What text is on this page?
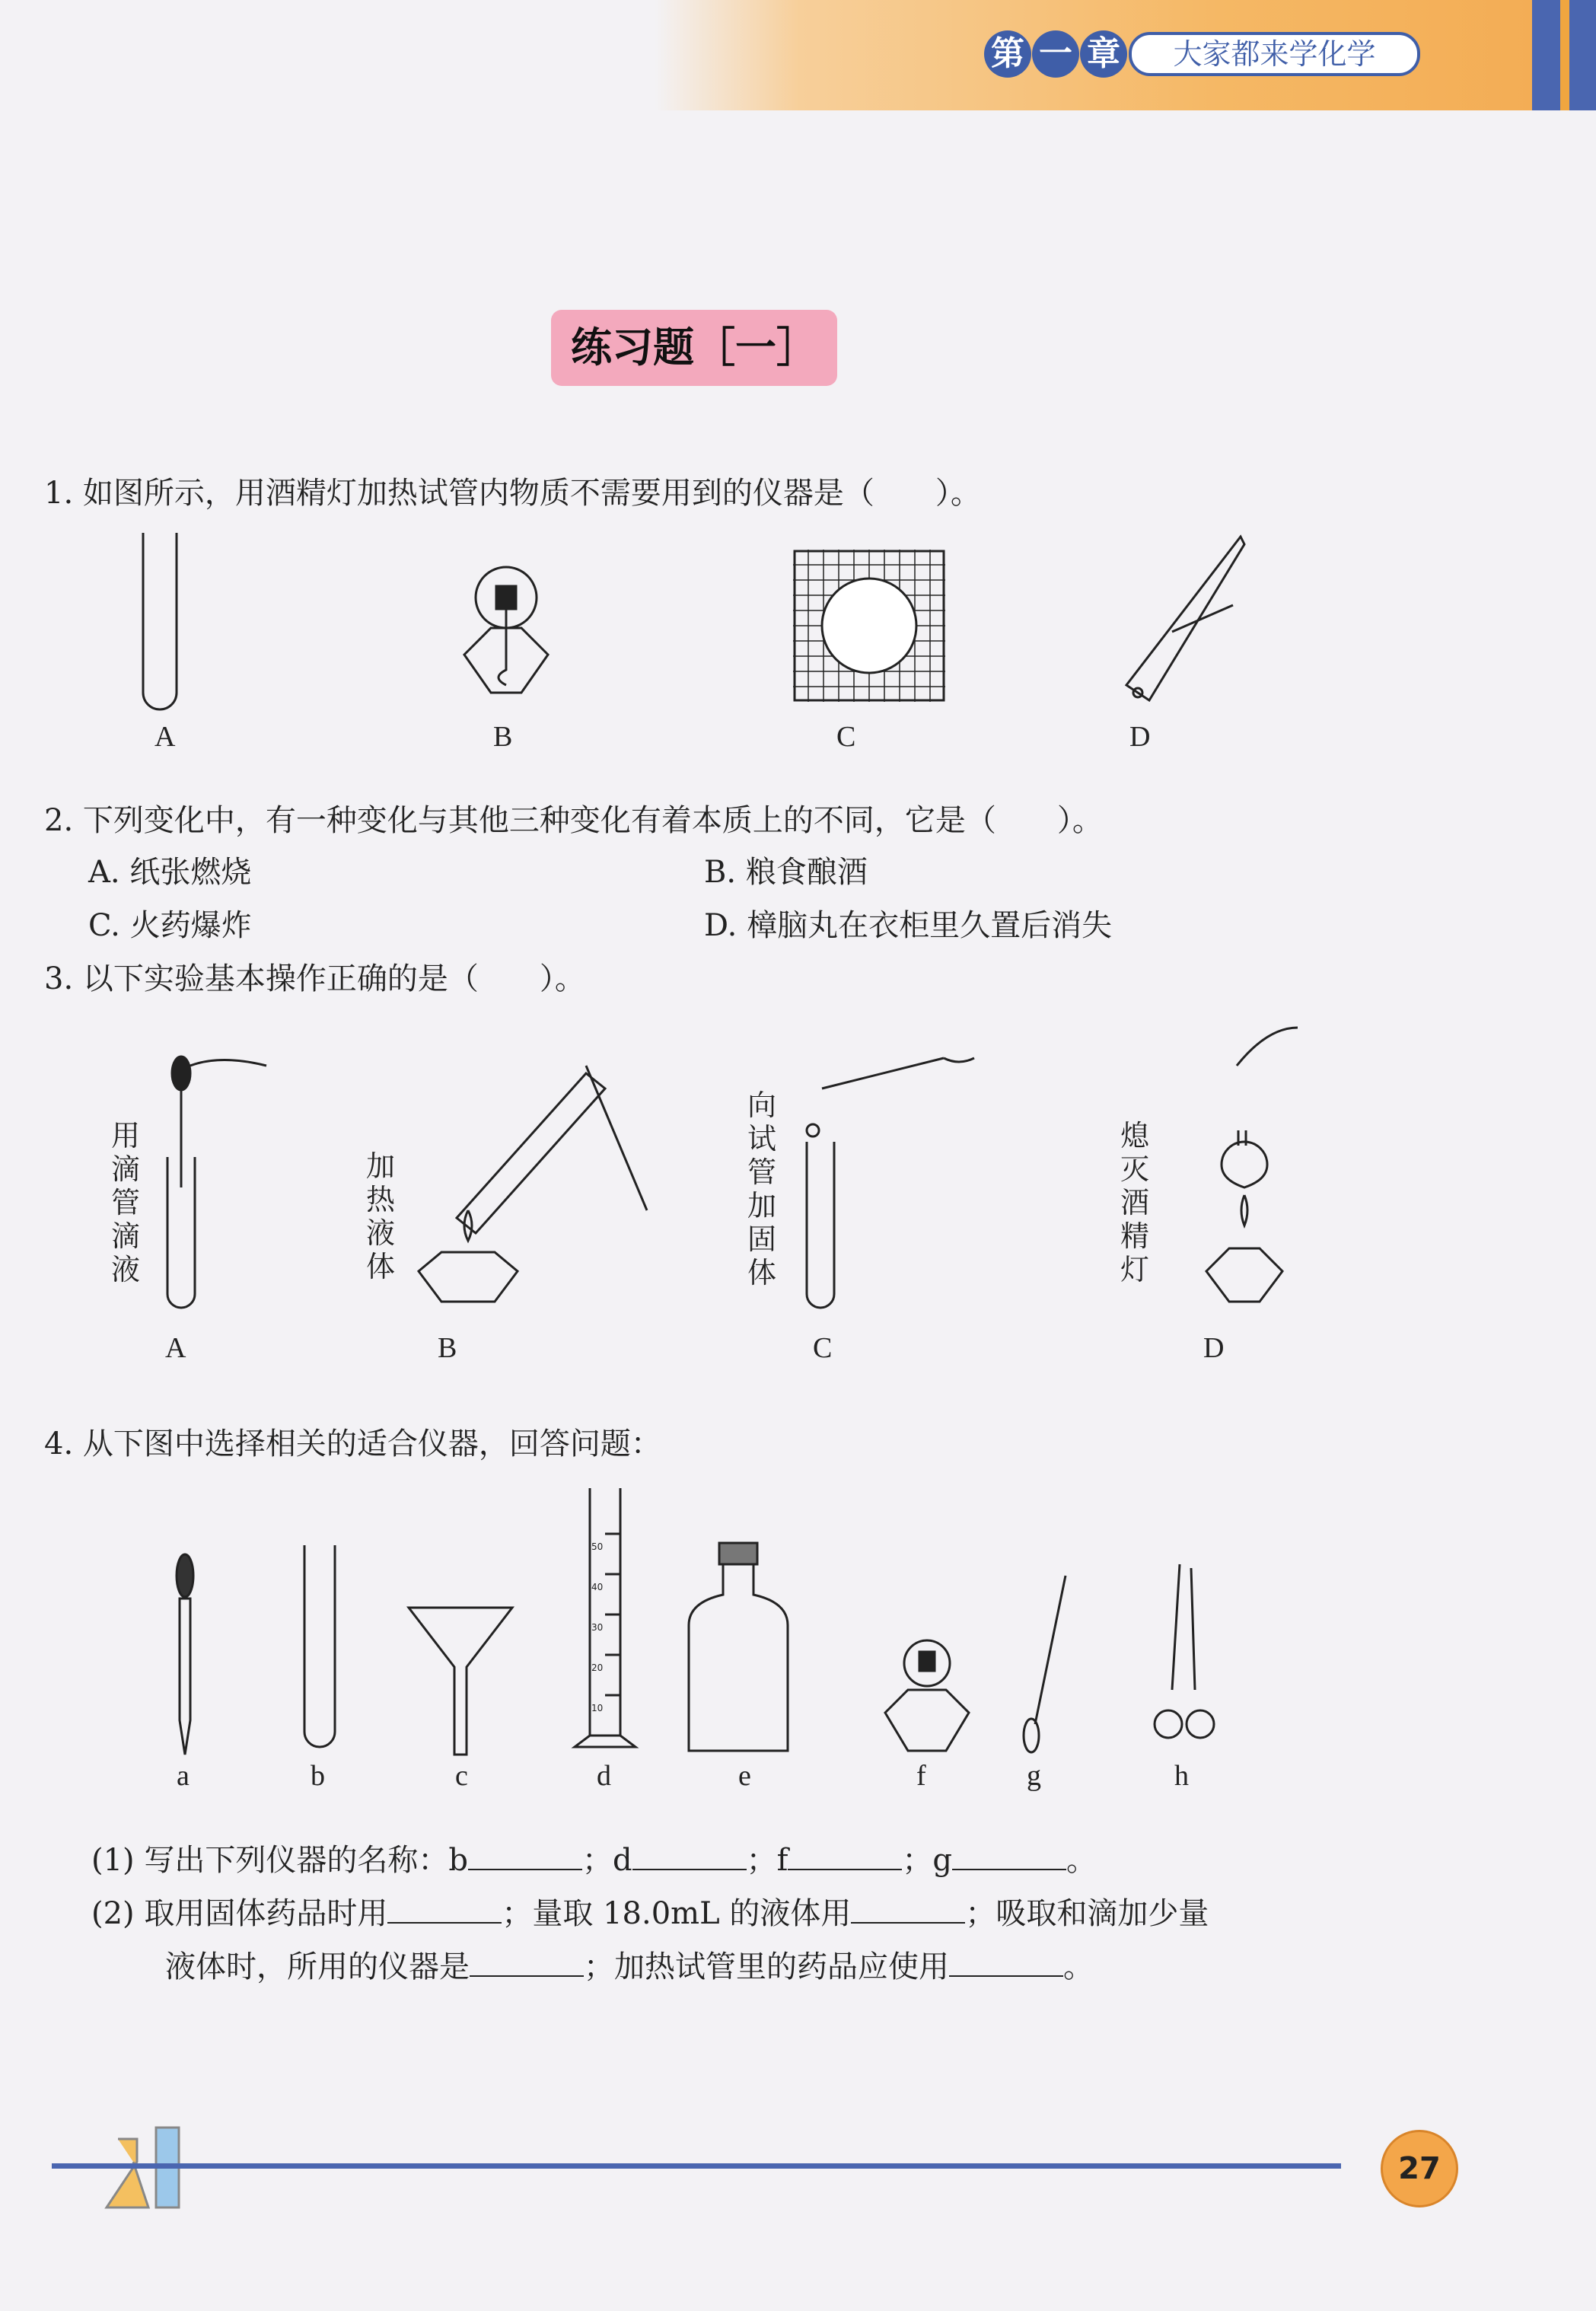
第 一 章	大家都来学化学
练习题［一］
1. 如图所示，用酒精灯加热试管内物质不需要用到的仪器是（　　）。
A	B	C	D
2. 下列变化中，有一种变化与其他三种变化有着本质上的不同，它是（　　）。
A. 纸张燃烧	B. 粮食酿酒
C. 火药爆炸	D. 樟脑丸在衣柜里久置后消失
3. 以下实验基本操作正确的是（　　）。
用滴管滴液
加热液体
向试管加固体
熄灭酒精灯
A	B	C	D
4. 从下图中选择相关的适合仪器，回答问题：
50
40
30
20
10
a	b	c	d	e	f	g	h
(1) 写出下列仪器的名称：b	；d	；f	；g	。
(2) 取用固体药品时用	；量取 18.0mL 的液体用	；吸取和滴加少量
液体时，所用的仪器是	；加热试管里的药品应使用	。
27
